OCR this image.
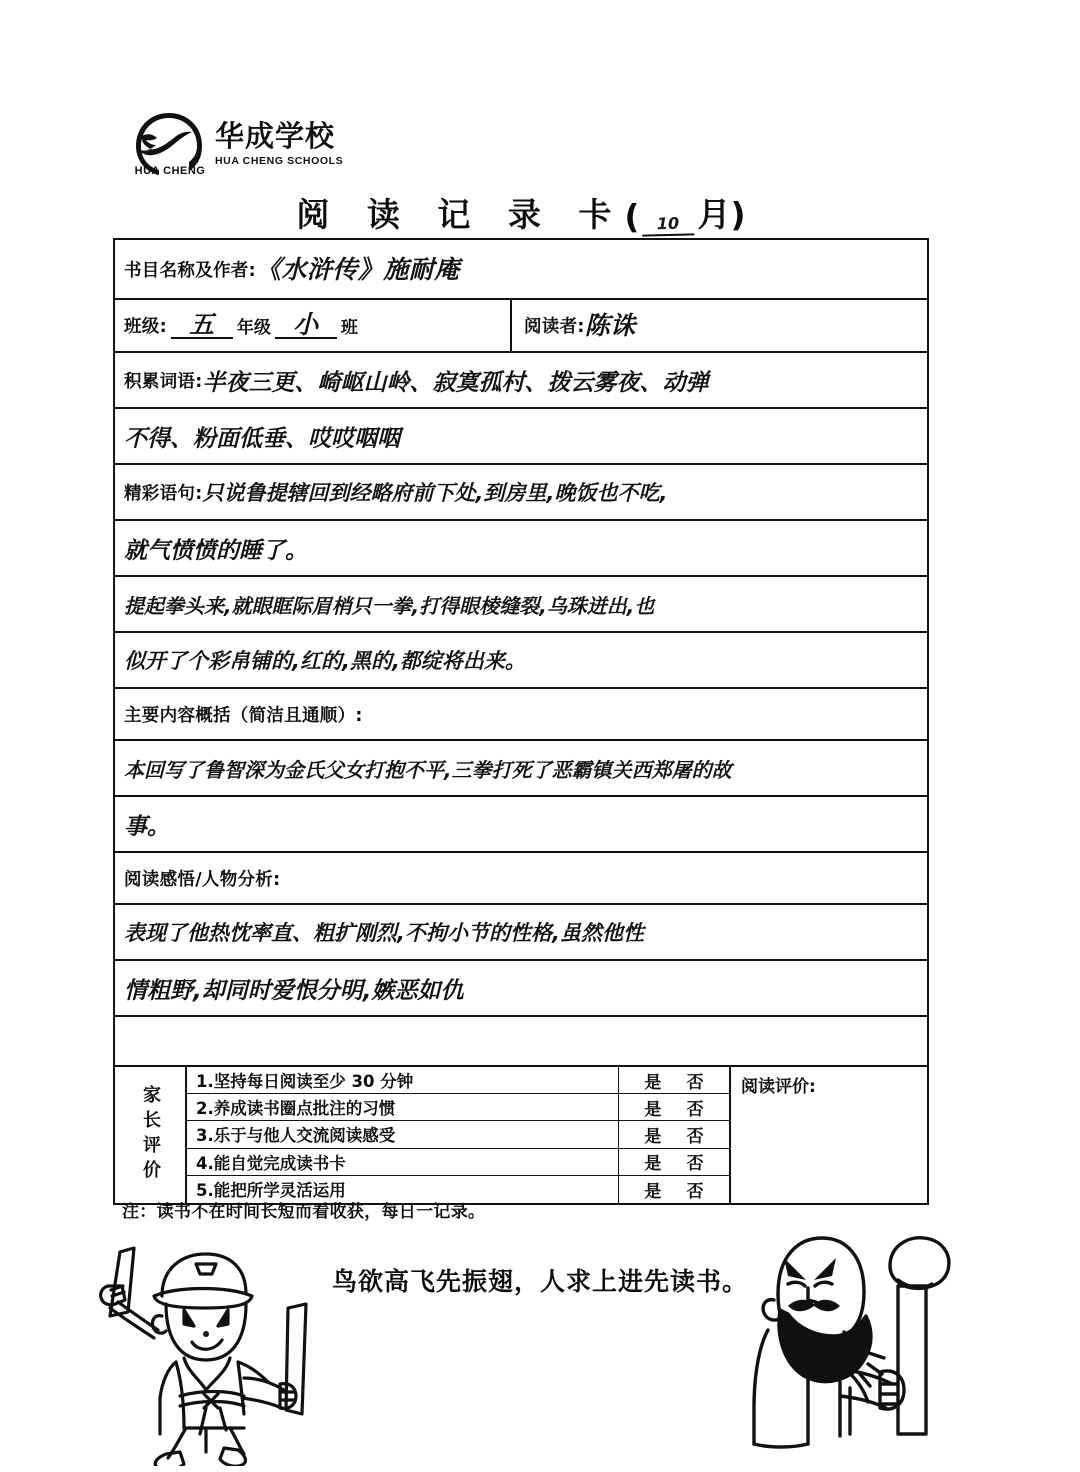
HUA CHENG
华成学校
HUA CHENG SCHOOLS
阅 读 记 录 卡 (	10 月)
书目名称及作者: 《水浒传》施耐庵
班级: 五	年级 小	班	阅读者: 陈诛
积累词语: 半夜三更、崎岖山岭、寂寞孤村、拨云雾夜、动弹
不得、粉面低垂、哎哎咽咽
精彩语句: 只说鲁提辖回到经略府前下处,到房里,晚饭也不吃,
就气愤愤的睡了。
提起拳头来,就眼眶际眉梢只一拳,打得眼棱缝裂,乌珠迸出,也
似开了个彩帛铺的,红的,黑的,都绽将出来。
主要内容概括（简洁且通顺）:
本回写了鲁智深为金氏父女打抱不平,三拳打死了恶霸镇关西郑屠的故
事。
阅读感悟/人物分析:
表现了他热忱率直、粗扩刚烈,不拘小节的性格,虽然他性
情粗野,却同时爱恨分明,嫉恶如仇
家长评价
1.坚持每日阅读至少 30 分钟	是 否
2.养成读书圈点批注的习惯	是 否
3.乐于与他人交流阅读感受	是 否
4.能自觉完成读书卡	是 否
5.能把所学灵活运用	是 否
阅读评价:
注：读书不在时间长短而看收获，每日一记录。
鸟欲高飞先振翅，人求上进先读书。
